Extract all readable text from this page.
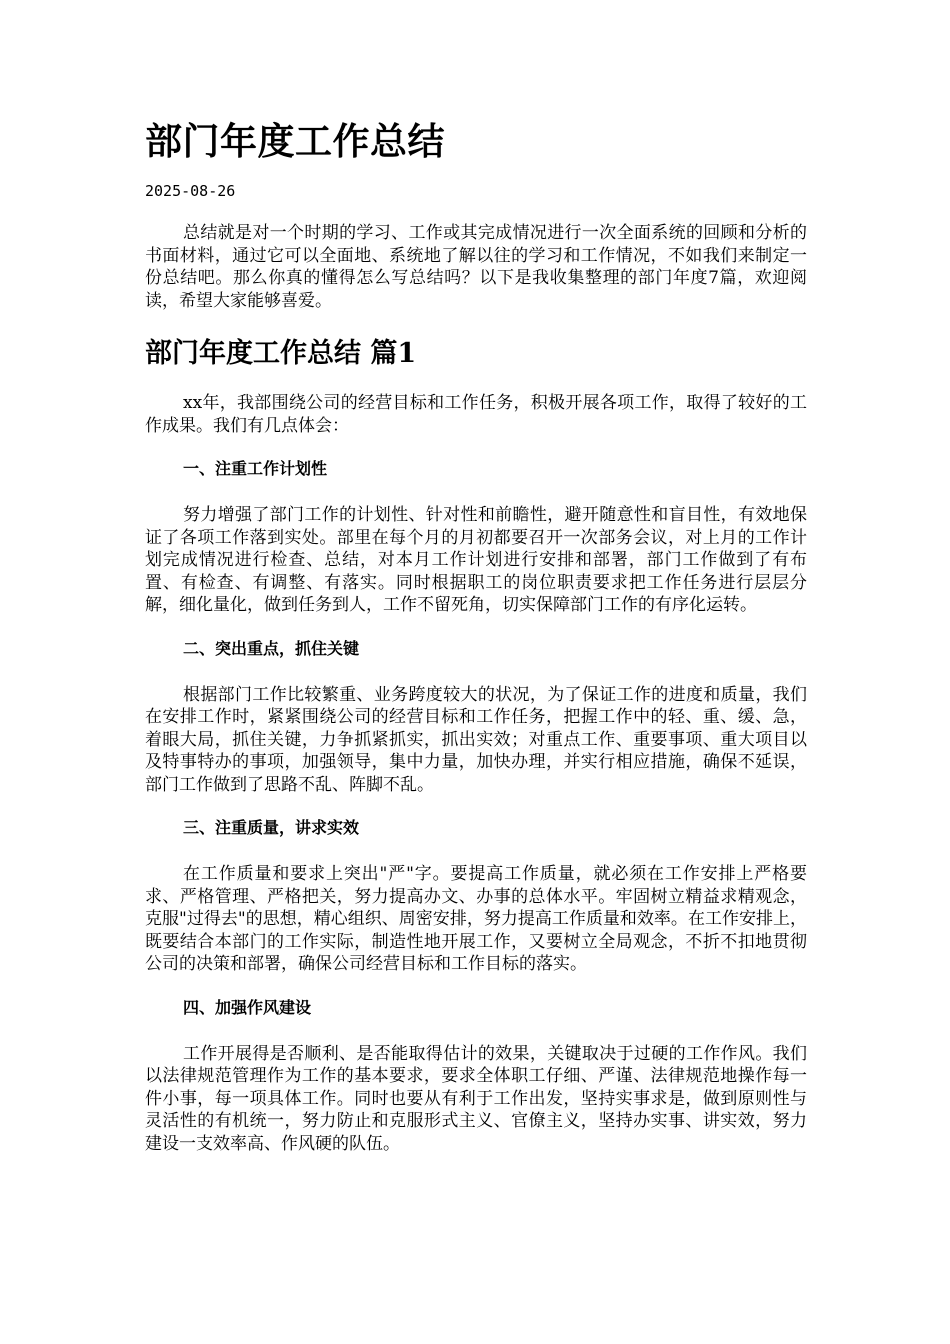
部门年度工作总结
2025-08-26

总结就是对一个时期的学习、工作或其完成情况进行一次全面系统的回顾和分析的书面材料，通过它可以全面地、系统地了解以往的学习和工作情况，不如我们来制定一份总结吧。那么你真的懂得怎么写总结吗？以下是我收集整理的部门年度7篇，欢迎阅读，希望大家能够喜爱。

部门年度工作总结 篇1

xx年，我部围绕公司的经营目标和工作任务，积极开展各项工作，取得了较好的工作成果。我们有几点体会：

一、注重工作计划性

努力增强了部门工作的计划性、针对性和前瞻性，避开随意性和盲目性，有效地保证了各项工作落到实处。部里在每个月的月初都要召开一次部务会议，对上月的工作计划完成情况进行检查、总结，对本月工作计划进行安排和部署，部门工作做到了有布置、有检查、有调整、有落实。同时根据职工的岗位职责要求把工作任务进行层层分解，细化量化，做到任务到人，工作不留死角，切实保障部门工作的有序化运转。

二、突出重点，抓住关键

根据部门工作比较繁重、业务跨度较大的状况，为了保证工作的进度和质量，我们在安排工作时，紧紧围绕公司的经营目标和工作任务，把握工作中的轻、重、缓、急，着眼大局，抓住关键，力争抓紧抓实，抓出实效；对重点工作、重要事项、重大项目以及特事特办的事项，加强领导，集中力量，加快办理，并实行相应措施，确保不延误，部门工作做到了思路不乱、阵脚不乱。

三、注重质量，讲求实效

在工作质量和要求上突出"严"字。要提高工作质量，就必须在工作安排上严格要求、严格管理、严格把关，努力提高办文、办事的总体水平。牢固树立精益求精观念，克服"过得去"的思想，精心组织、周密安排，努力提高工作质量和效率。在工作安排上，既要结合本部门的工作实际，制造性地开展工作，又要树立全局观念，不折不扣地贯彻公司的决策和部署，确保公司经营目标和工作目标的落实。

四、加强作风建设

工作开展得是否顺利、是否能取得估计的效果，关键取决于过硬的工作作风。我们以法律规范管理作为工作的基本要求，要求全体职工仔细、严谨、法律规范地操作每一件小事，每一项具体工作。同时也要从有利于工作出发，坚持实事求是，做到原则性与灵活性的有机统一，努力防止和克服形式主义、官僚主义，坚持办实事、讲实效，努力建设一支效率高、作风硬的队伍。
